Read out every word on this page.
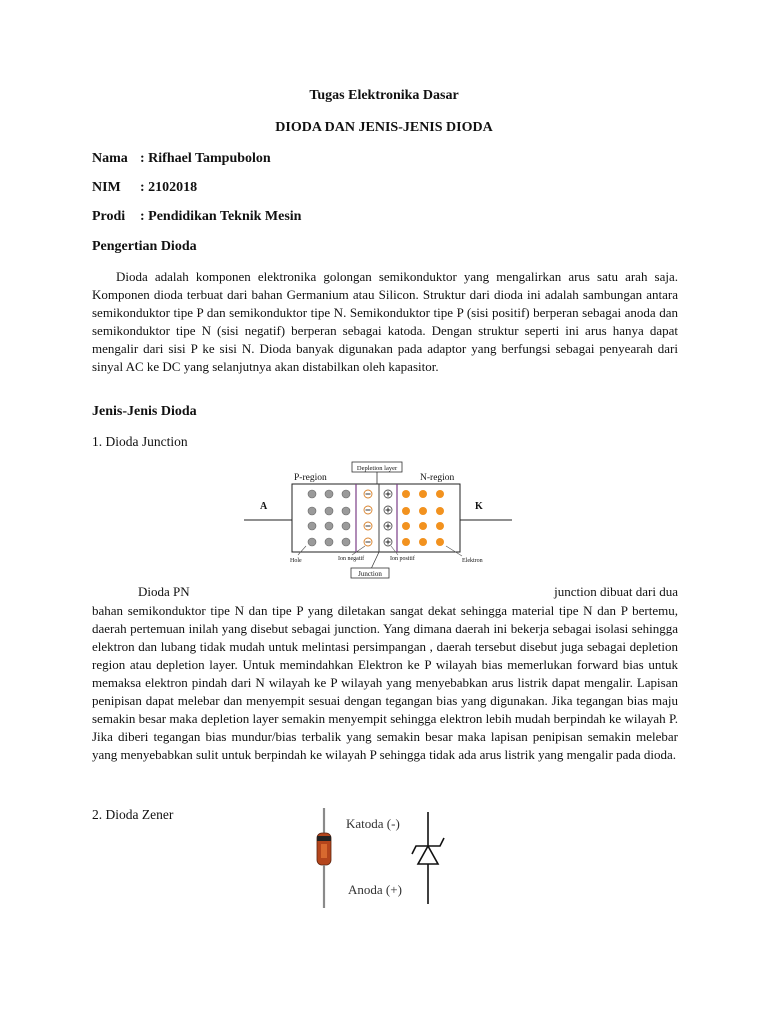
Tugas Elektronika Dasar
DIODA DAN JENIS-JENIS DIODA
Nama : Rifhael Tampubolon
NIM : 2102018
Prodi : Pendidikan Teknik Mesin
Pengertian Dioda

Dioda adalah komponen elektronika golongan semikonduktor yang mengalirkan arus satu arah saja. Komponen dioda terbuat dari bahan Germanium atau Silicon. Struktur dari dioda ini adalah sambungan antara semikonduktor tipe P dan semikonduktor tipe N. Semikonduktor tipe P (sisi positif) berperan sebagai anoda dan semikonduktor tipe N (sisi negatif) berperan sebagai katoda. Dengan struktur seperti ini arus hanya dapat mengalir dari sisi P ke sisi N. Dioda banyak digunakan pada adaptor yang berfungsi sebagai penyearah dari sinyal AC ke DC yang selanjutnya akan distabilkan oleh kapasitor.

Jenis-Jenis Dioda
1. Dioda Junction
Depletion layer
P-region	N-region
A	K
Hole	Ion negatif	Ion positif	Elektron
Junction
Dioda PN	junction dibuat dari dua

bahan semikonduktor tipe N dan tipe P yang diletakan sangat dekat sehingga material tipe N dan P bertemu, daerah pertemuan inilah yang disebut sebagai junction. Yang dimana daerah ini bekerja sebagai isolasi sehingga elektron dan lubang tidak mudah untuk melintasi persimpangan , daerah tersebut disebut juga sebagai depletion region atau depletion layer. Untuk memindahkan Elektron ke P wilayah bias memerlukan forward bias untuk memaksa elektron pindah dari N wilayah ke P wilayah yang menyebabkan arus listrik dapat mengalir. Lapisan penipisan dapat melebar dan menyempit sesuai dengan tegangan bias yang digunakan. Jika tegangan bias maju semakin besar maka depletion layer semakin menyempit sehingga elektron lebih mudah berpindah ke wilayah P. Jika diberi tegangan bias mundur/bias terbalik yang semakin besar maka lapisan penipisan semakin melebar yang menyebabkan sulit untuk berpindah ke wilayah P sehingga tidak ada arus listrik yang mengalir pada dioda.

2. Dioda Zener
Katoda (-)
Anoda (+)
